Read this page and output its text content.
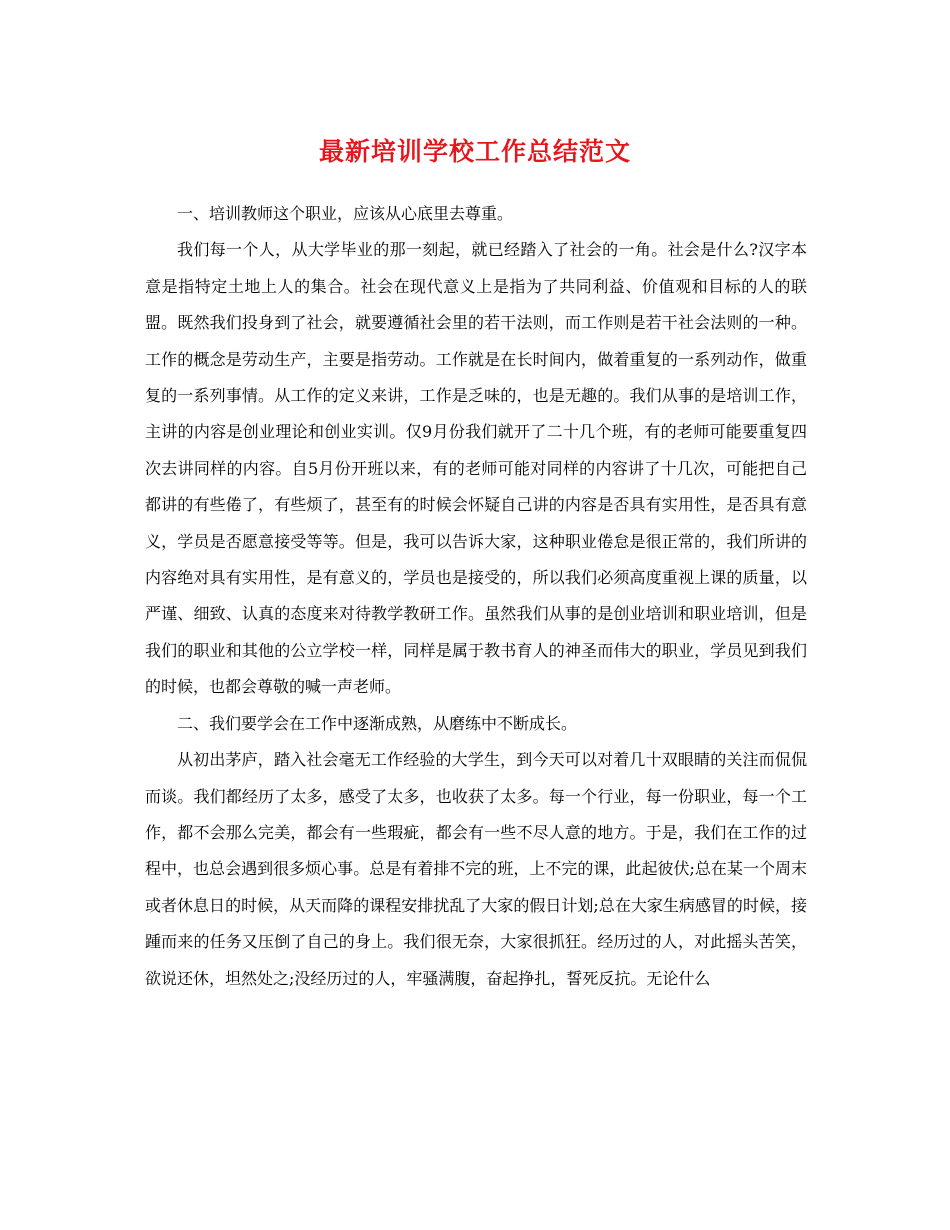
最新培训学校工作总结范文

一、培训教师这个职业，应该从心底里去尊重。

我们每一个人，从大学毕业的那一刻起，就已经踏入了社会的一角。社会是什么?汉字本意是指特定土地上人的集合。社会在现代意义上是指为了共同利益、价值观和目标的人的联盟。既然我们投身到了社会，就要遵循社会里的若干法则，而工作则是若干社会法则的一种。工作的概念是劳动生产，主要是指劳动。工作就是在长时间内，做着重复的一系列动作，做重复的一系列事情。从工作的定义来讲，工作是乏味的，也是无趣的。我们从事的是培训工作，主讲的内容是创业理论和创业实训。仅9月份我们就开了二十几个班，有的老师可能要重复四次去讲同样的内容。自5月份开班以来，有的老师可能对同样的内容讲了十几次，可能把自己都讲的有些倦了，有些烦了，甚至有的时候会怀疑自己讲的内容是否具有实用性，是否具有意义，学员是否愿意接受等等。但是，我可以告诉大家，这种职业倦怠是很正常的，我们所讲的内容绝对具有实用性，是有意义的，学员也是接受的，所以我们必须高度重视上课的质量，以严谨、细致、认真的态度来对待教学教研工作。虽然我们从事的是创业培训和职业培训，但是我们的职业和其他的公立学校一样，同样是属于教书育人的神圣而伟大的职业，学员见到我们的时候，也都会尊敬的喊一声老师。

二、我们要学会在工作中逐渐成熟，从磨练中不断成长。

从初出茅庐，踏入社会毫无工作经验的大学生，到今天可以对着几十双眼睛的关注而侃侃而谈。我们都经历了太多，感受了太多，也收获了太多。每一个行业，每一份职业，每一个工作，都不会那么完美，都会有一些瑕疵，都会有一些不尽人意的地方。于是，我们在工作的过程中，也总会遇到很多烦心事。总是有着排不完的班，上不完的课，此起彼伏;总在某一个周末或者休息日的时候，从天而降的课程安排扰乱了大家的假日计划;总在大家生病感冒的时候，接踵而来的任务又压倒了自己的身上。我们很无奈，大家很抓狂。经历过的人，对此摇头苦笑，欲说还休，坦然处之;没经历过的人，牢骚满腹，奋起挣扎，誓死反抗。无论什么
